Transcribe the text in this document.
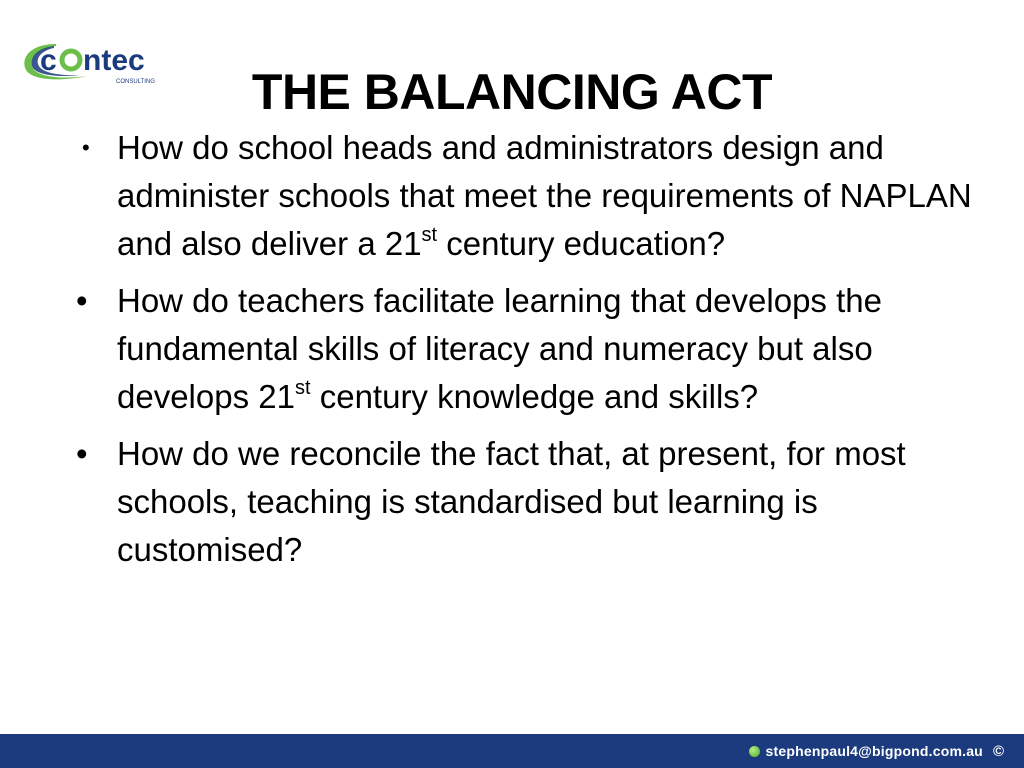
c ntec
CONSULTING	THE BALANCING ACT
• How do school heads and administrators design and administer schools that meet the requirements of NAPLAN and also deliver a 21st century education?
• How do teachers facilitate learning that develops the fundamental skills of literacy and numeracy but also develops 21st century knowledge and skills?
• How do we reconcile the fact that, at present, for most schools, teaching is standardised but learning is customised?
stephenpaul4@bigpond.com.au ©
